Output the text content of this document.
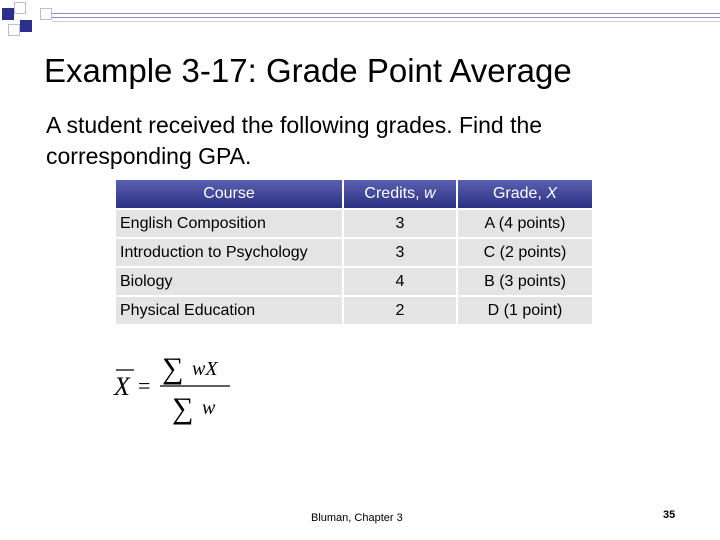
Example 3-17: Grade Point Average
A student received the following grades. Find the corresponding GPA.
Course	Credits, w	Grade, X
English Composition	3	A (4 points)
Introduction to Psychology	3	C (2 points)
Biology	4	B (3 points)
Physical Education	2	D (1 point)
X =
∑ wX
∑ w
Bluman, Chapter 3	35
